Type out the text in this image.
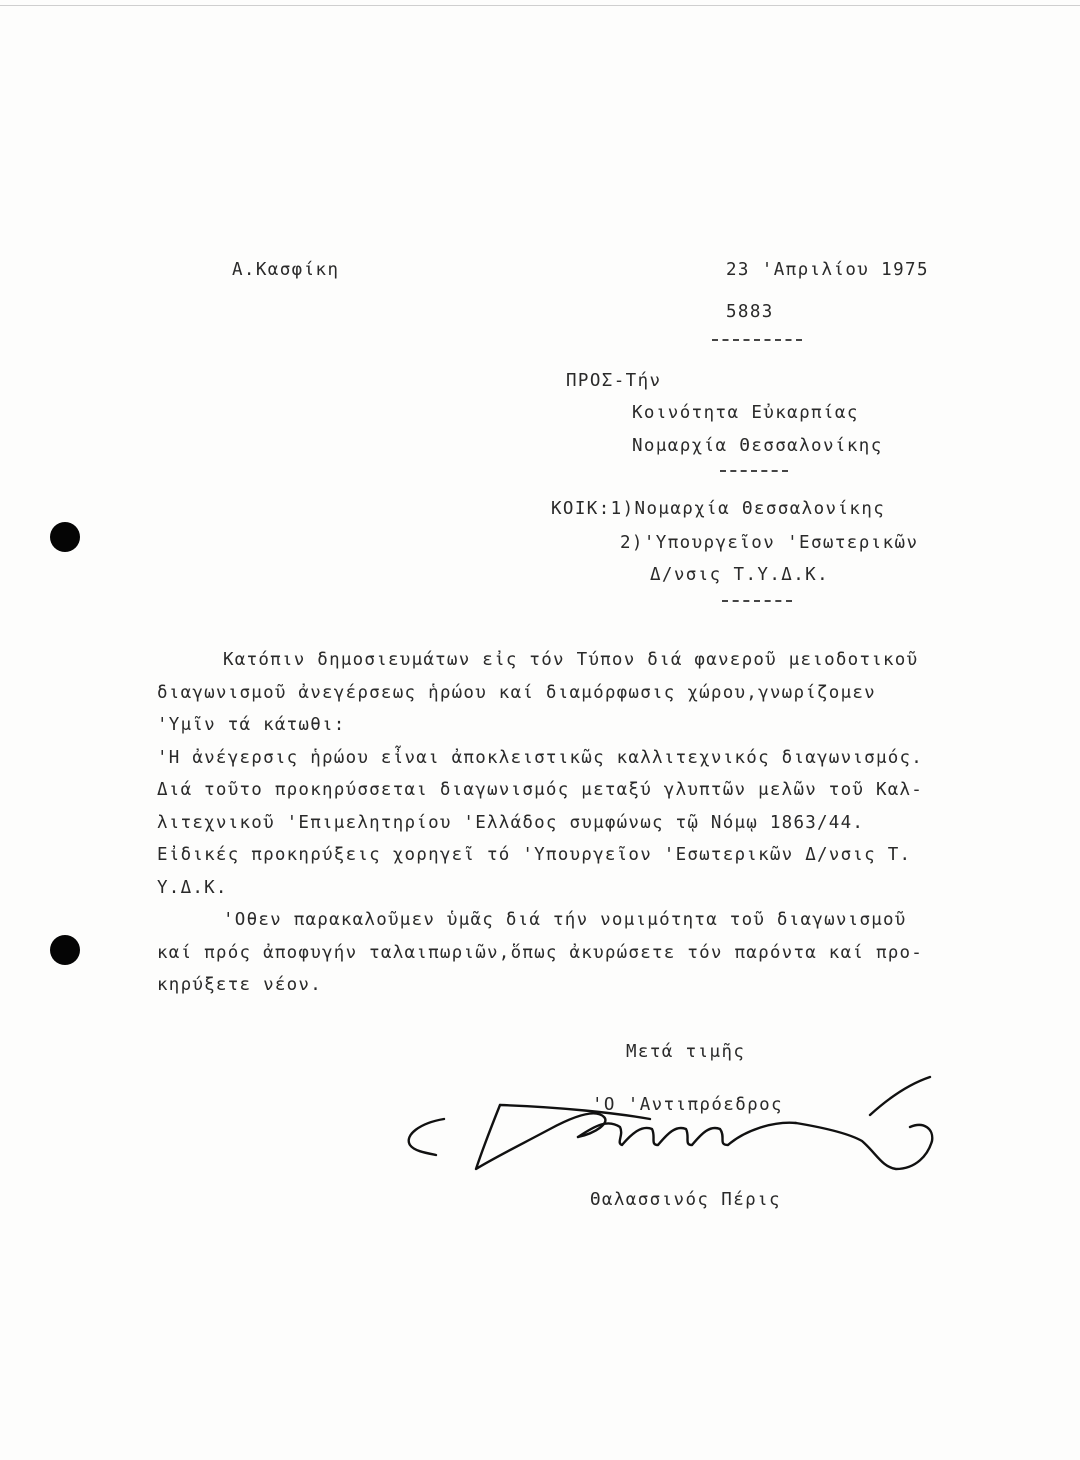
Α.Κασφίκη	23 'Απριλίου 1975
5883
ΠΡΟΣ-Τήν
Κοινότητα Εὐκαρπίας
Νομαρχία Θεσσαλονίκης
ΚΟΙΚ:1)Νομαρχία Θεσσαλονίκης
2)'Υπουργεῖον 'Εσωτερικῶν
Δ/νσις Τ.Υ.Δ.Κ.
Κατόπιν δημοσιευμάτων εἰς τόν Τύπον διά φανεροῦ μειοδοτικοῦ
διαγωνισμοῦ ἀνεγέρσεως ἡρώου καί διαμόρφωσις χώρου,γνωρίζομεν
'Υμῖν τά κάτωθι:
'Η ἀνέγερσις ἡρώου εἶναι ἀποκλειστικῶς καλλιτεχνικός διαγωνισμός.
Διά τοῦτο προκηρύσσεται διαγωνισμός μεταξύ γλυπτῶν μελῶν τοῦ Καλ-
λιτεχνικοῦ 'Επιμελητηρίου 'Ελλάδος συμφώνως τῷ Νόμῳ 1863/44.
Εἰδικές προκηρύξεις χορηγεῖ τό 'Υπουργεῖον 'Εσωτερικῶν Δ/νσις Τ.
Υ.Δ.Κ.
'Οθεν παρακαλοῦμεν ὑμᾶς διά τήν νομιμότητα τοῦ διαγωνισμοῦ
καί πρός ἀποφυγήν ταλαιπωριῶν,ὅπως ἀκυρώσετε τόν παρόντα καί προ-
κηρύξετε νέον.
Μετά τιμῆς
'Ο 'Αντιπρόεδρος
Θαλασσινός Πέρις
